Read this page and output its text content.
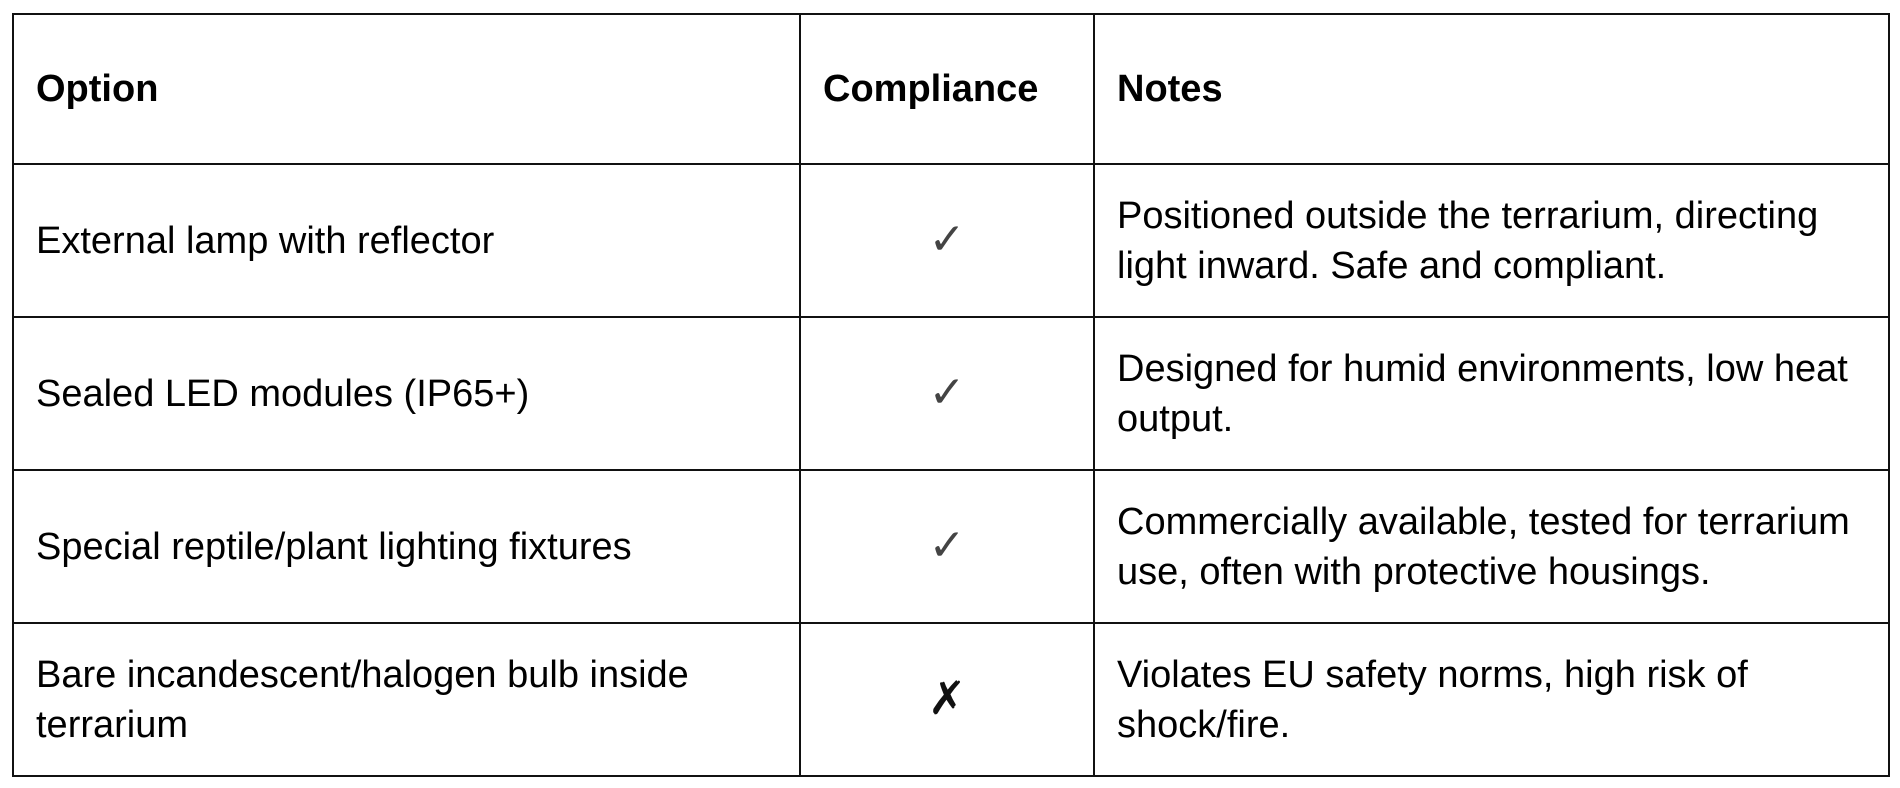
Option	Compliance	Notes
External lamp with reflector	✓	Positioned outside the terrarium, directing light inward. Safe and compliant.
Sealed LED modules (IP65+)	✓	Designed for humid environments, low heat output.
Special reptile/plant lighting fixtures	✓	Commercially available, tested for terrarium use, often with protective housings.
Bare incandescent/halogen bulb inside terrarium	✗	Violates EU safety norms, high risk of shock/fire.
